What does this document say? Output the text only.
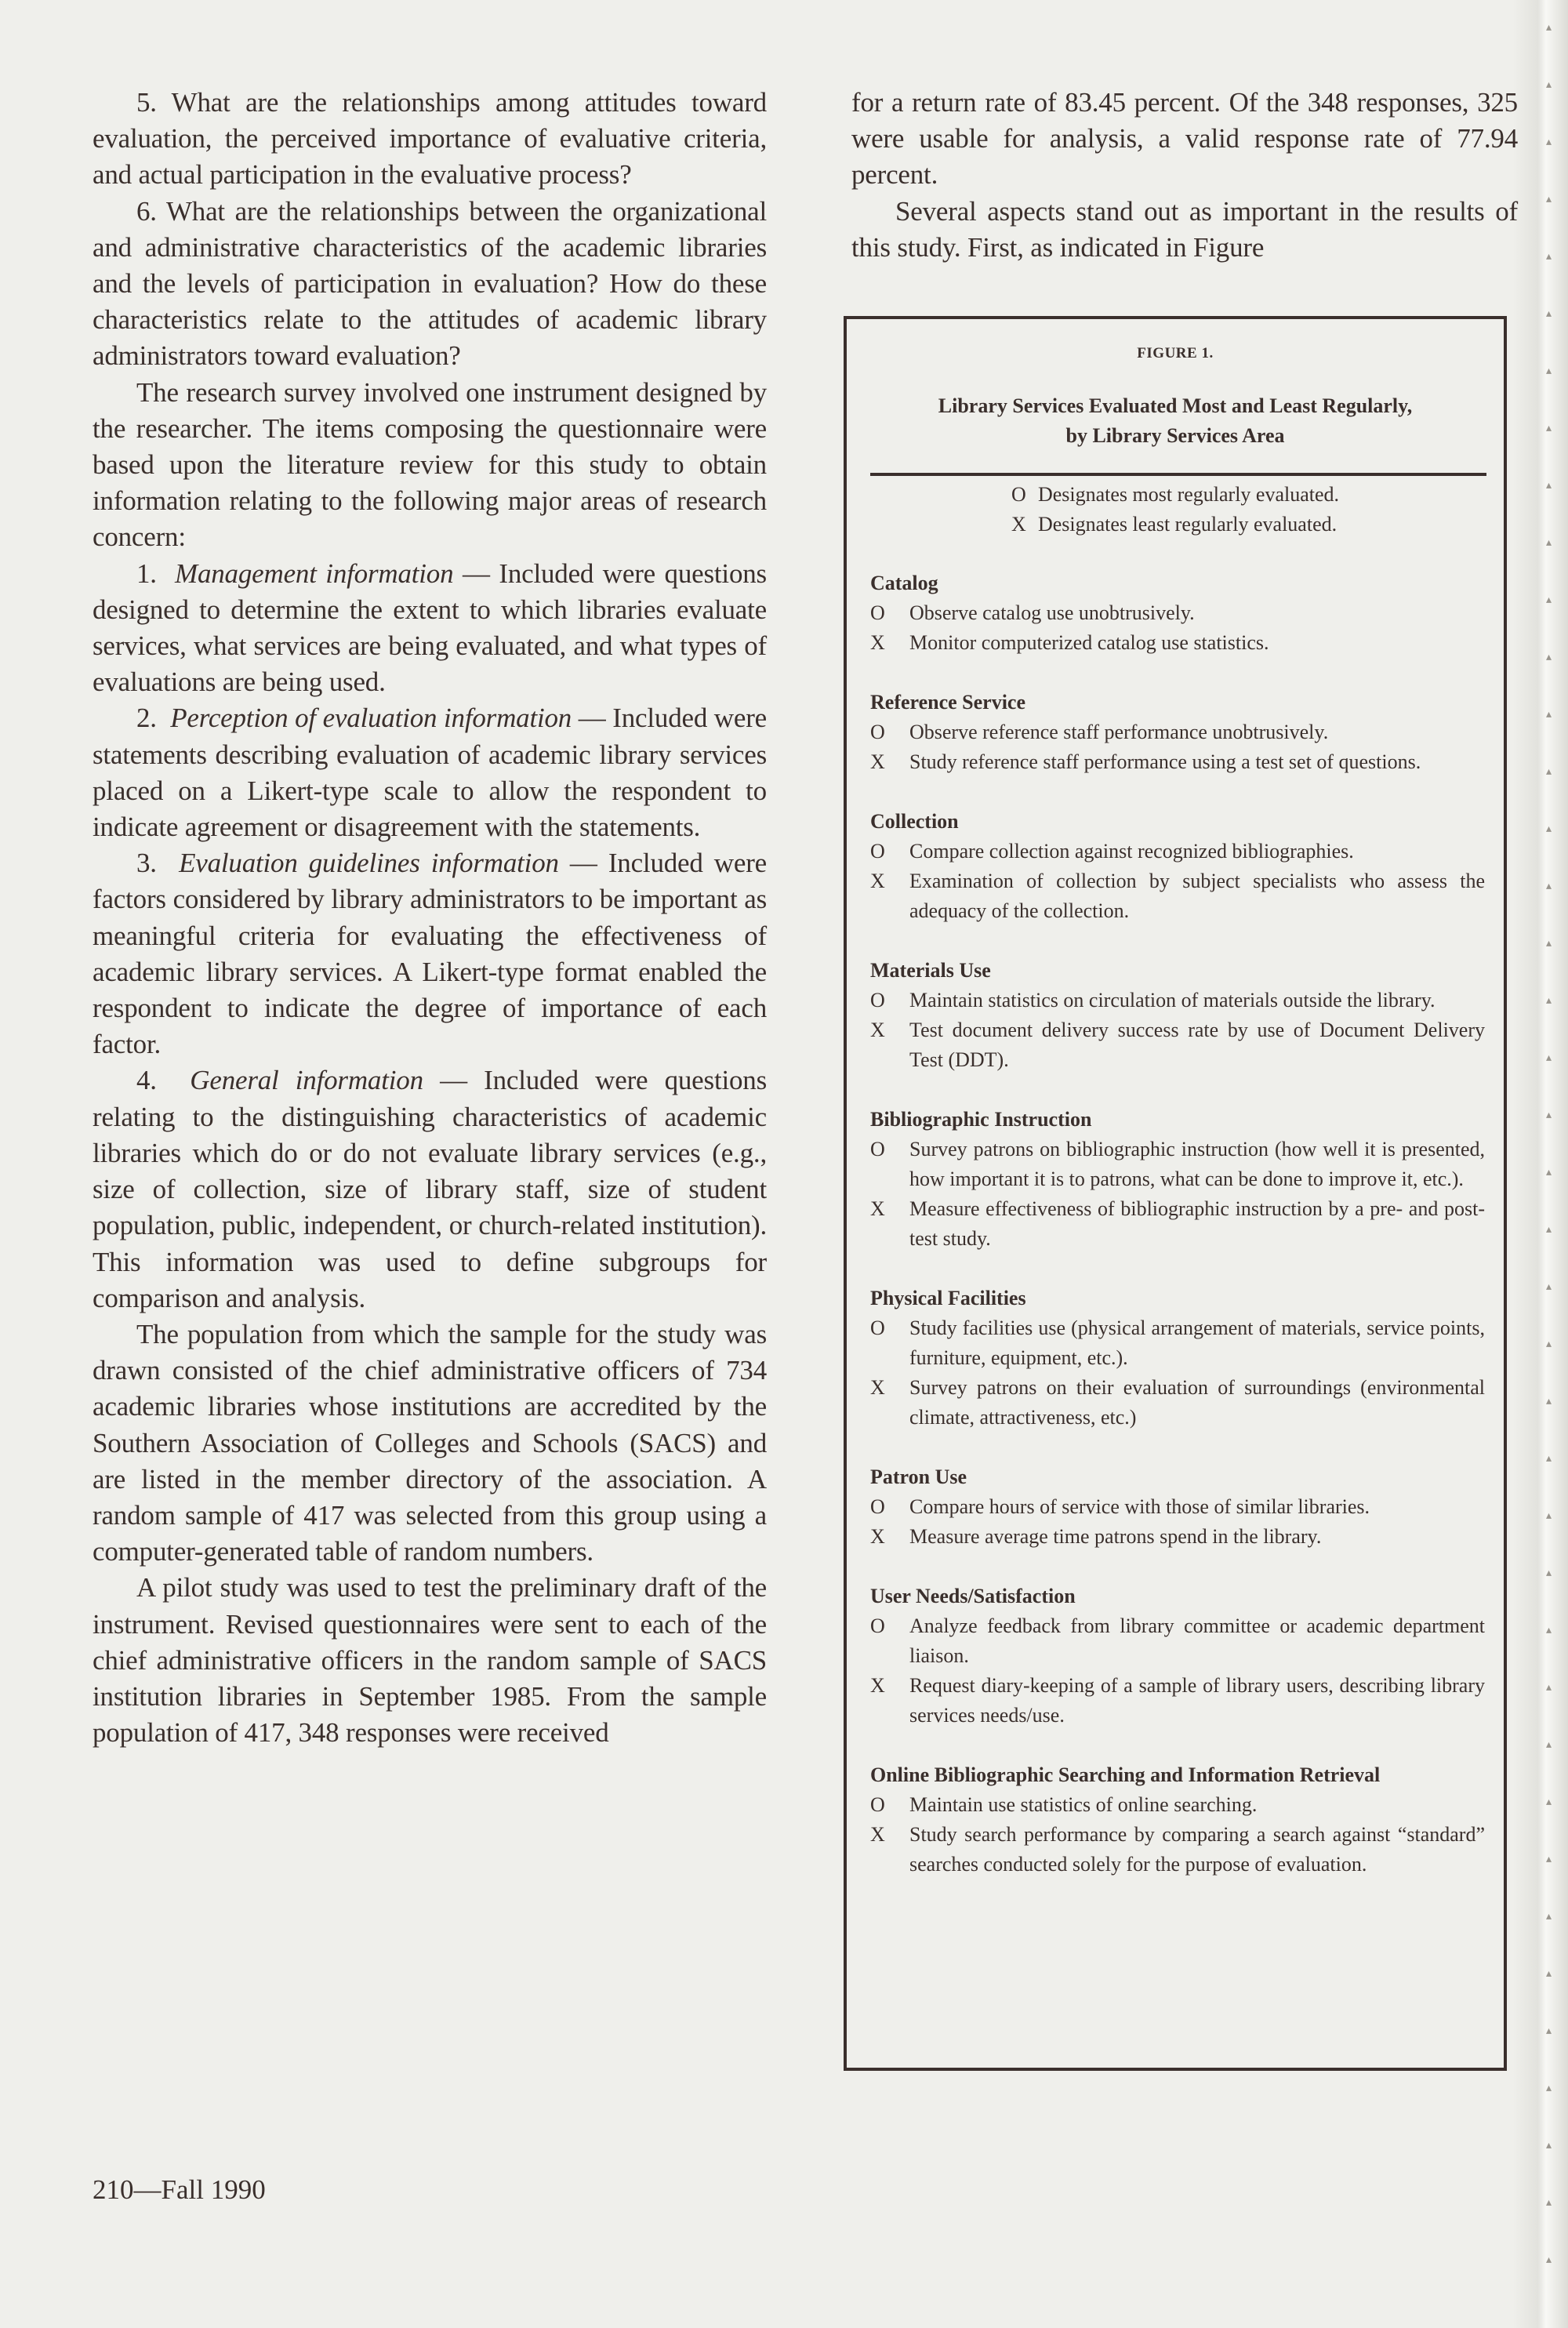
5. What are the relationships among attitudes toward evaluation, the perceived importance of evaluative criteria, and actual participation in the evaluative process?

6. What are the relationships between the organizational and administrative characteristics of the academic libraries and the levels of participation in evaluation? How do these characteristics relate to the attitudes of academic library administrators toward evaluation?

The research survey involved one instrument designed by the researcher. The items composing the questionnaire were based upon the literature review for this study to obtain information relating to the following major areas of research concern:

1. Management information — Included were questions designed to determine the extent to which libraries evaluate services, what services are being evaluated, and what types of evaluations are being used.

2. Perception of evaluation information — Included were statements describing evaluation of academic library services placed on a Likert-type scale to allow the respondent to indicate agreement or disagreement with the statements.

3. Evaluation guidelines information — Included were factors considered by library administrators to be important as meaningful criteria for evaluating the effectiveness of academic library services. A Likert-type format enabled the respondent to indicate the degree of importance of each factor.

4. General information — Included were questions relating to the distinguishing characteristics of academic libraries which do or do not evaluate library services (e.g., size of collection, size of library staff, size of student population, public, independent, or church-related institution). This information was used to define subgroups for comparison and analysis.

The population from which the sample for the study was drawn consisted of the chief administrative officers of 734 academic libraries whose institutions are accredited by the Southern Association of Colleges and Schools (SACS) and are listed in the member directory of the association. A random sample of 417 was selected from this group using a computer-generated table of random numbers.

A pilot study was used to test the preliminary draft of the instrument. Revised questionnaires were sent to each of the chief administrative officers in the random sample of SACS institution libraries in September 1985. From the sample population of 417, 348 responses were received

210—Fall 1990

for a return rate of 83.45 percent. Of the 348 responses, 325 were usable for analysis, a valid response rate of 77.94 percent.

Several aspects stand out as important in the results of this study. First, as indicated in Figure

FIGURE 1.
Library Services Evaluated Most and Least Regularly,
by Library Services Area
O Designates most regularly evaluated.
X Designates least regularly evaluated.
Catalog
O	Observe catalog use unobtrusively.
X	Monitor computerized catalog use statistics.
Reference Service
O	Observe reference staff performance unobtrusively.
X	Study reference staff performance using a test set of questions.
Collection
O	Compare collection against recognized bibliographies.
X	Examination of collection by subject specialists who assess the adequacy of the collection.
Materials Use
O	Maintain statistics on circulation of materials outside the library.
X	Test document delivery success rate by use of Document Delivery Test (DDT).
Bibliographic Instruction
O	Survey patrons on bibliographic instruction (how well it is presented, how important it is to patrons, what can be done to improve it, etc.).
X	Measure effectiveness of bibliographic instruction by a pre- and post-test study.
Physical Facilities
O	Study facilities use (physical arrangement of materials, service points, furniture, equipment, etc.).
X	Survey patrons on their evaluation of surroundings (environmental climate, attractiveness, etc.)
Patron Use
O	Compare hours of service with those of similar libraries.
X	Measure average time patrons spend in the library.
User Needs/Satisfaction
O	Analyze feedback from library committee or academic department liaison.
X	Request diary-keeping of a sample of library users, describing library services needs/use.
Online Bibliographic Searching and Information Retrieval
O	Maintain use statistics of online searching.
X	Study search performance by comparing a search against “standard” searches conducted solely for the purpose of evaluation.
▴
▴
▴
▴
▴
▴
▴
▴
▴
▴
▴
▴
▴
▴
▴
▴
▴
▴
▴
▴
▴
▴
▴
▴
▴
▴
▴
▴
▴
▴
▴
▴
▴
▴
▴
▴
▴
▴
▴
▴
